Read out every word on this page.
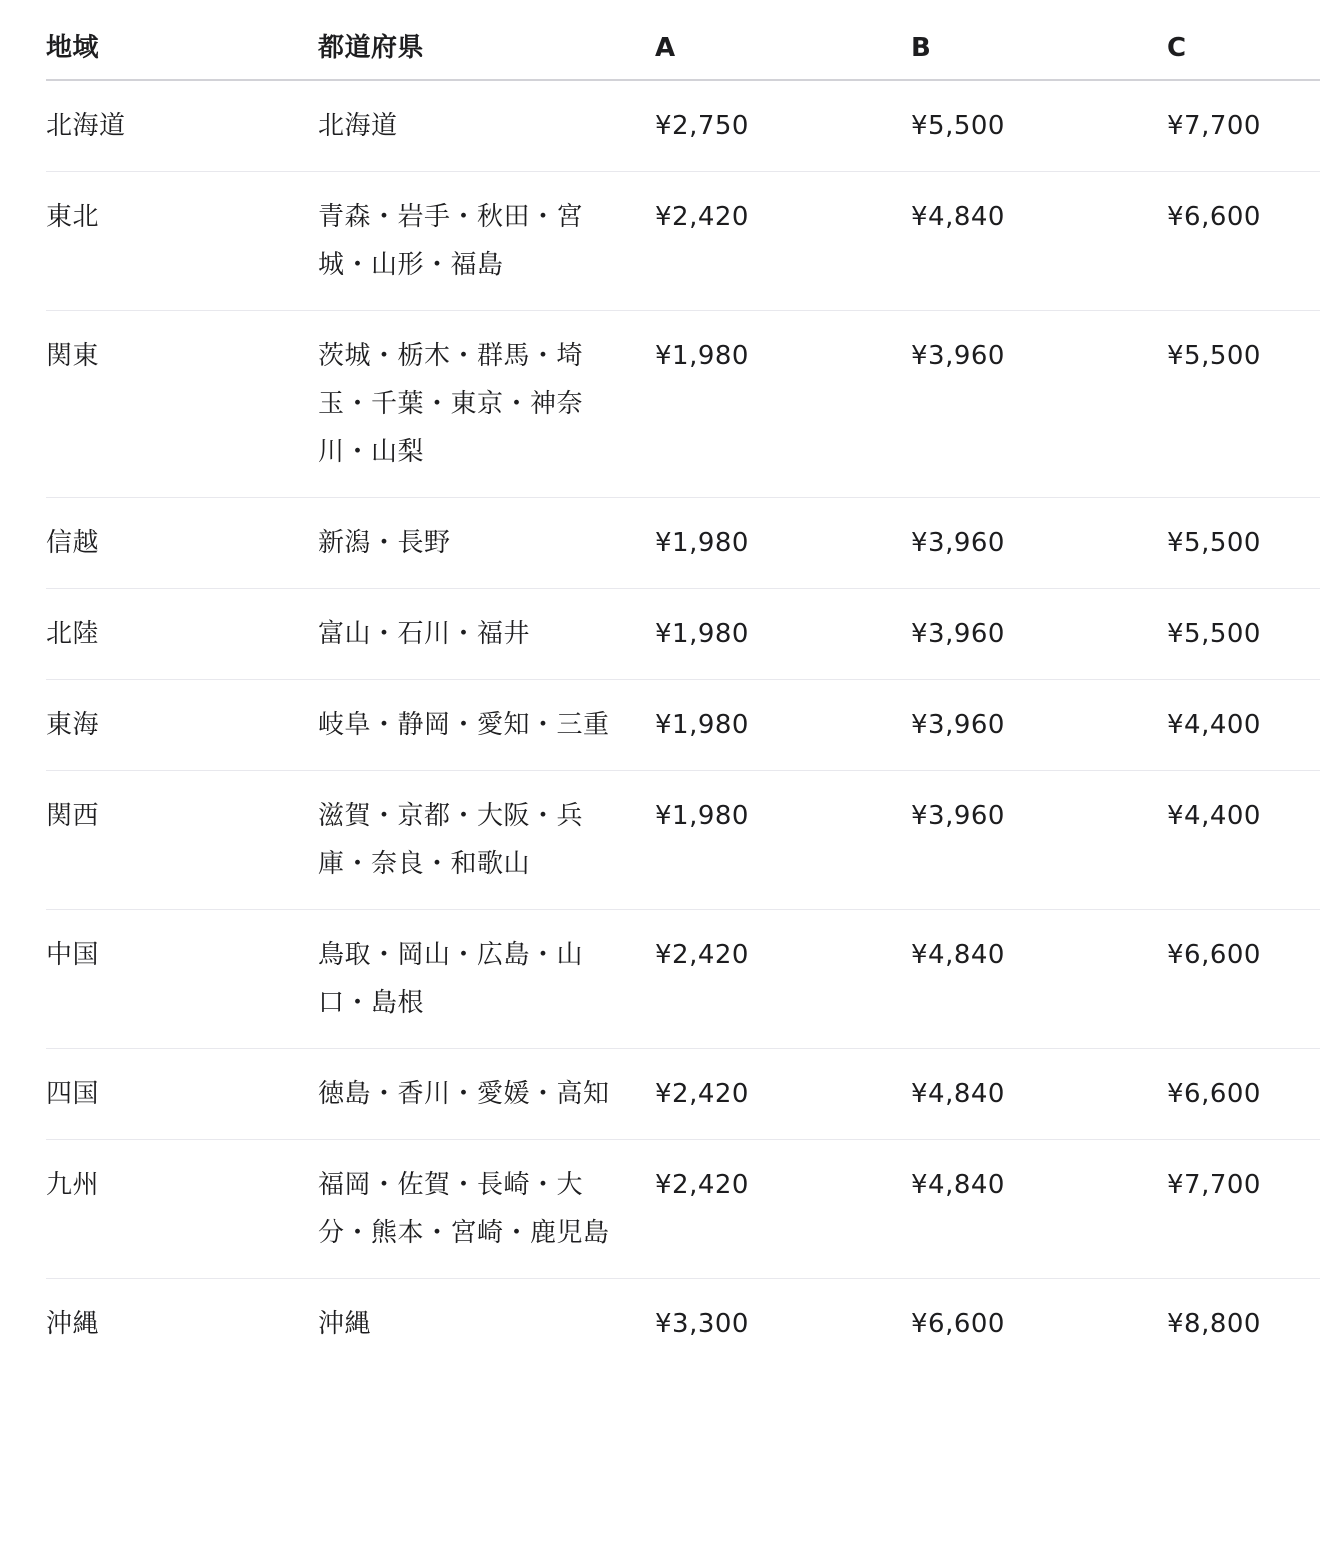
地域	都道府県	A	B	C
北海道	北海道	¥2,750	¥5,500	¥7,700
東北	青森・岩手・秋田・宮城・山形・福島	¥2,420	¥4,840	¥6,600
関東	茨城・栃木・群馬・埼玉・千葉・東京・神奈川・山梨	¥1,980	¥3,960	¥5,500
信越	新潟・長野	¥1,980	¥3,960	¥5,500
北陸	富山・石川・福井	¥1,980	¥3,960	¥5,500
東海	岐阜・静岡・愛知・三重	¥1,980	¥3,960	¥4,400
関西	滋賀・京都・大阪・兵庫・奈良・和歌山	¥1,980	¥3,960	¥4,400
中国	鳥取・岡山・広島・山口・島根	¥2,420	¥4,840	¥6,600
四国	徳島・香川・愛媛・高知	¥2,420	¥4,840	¥6,600
九州	福岡・佐賀・長崎・大分・熊本・宮崎・鹿児島	¥2,420	¥4,840	¥7,700
沖縄	沖縄	¥3,300	¥6,600	¥8,800
